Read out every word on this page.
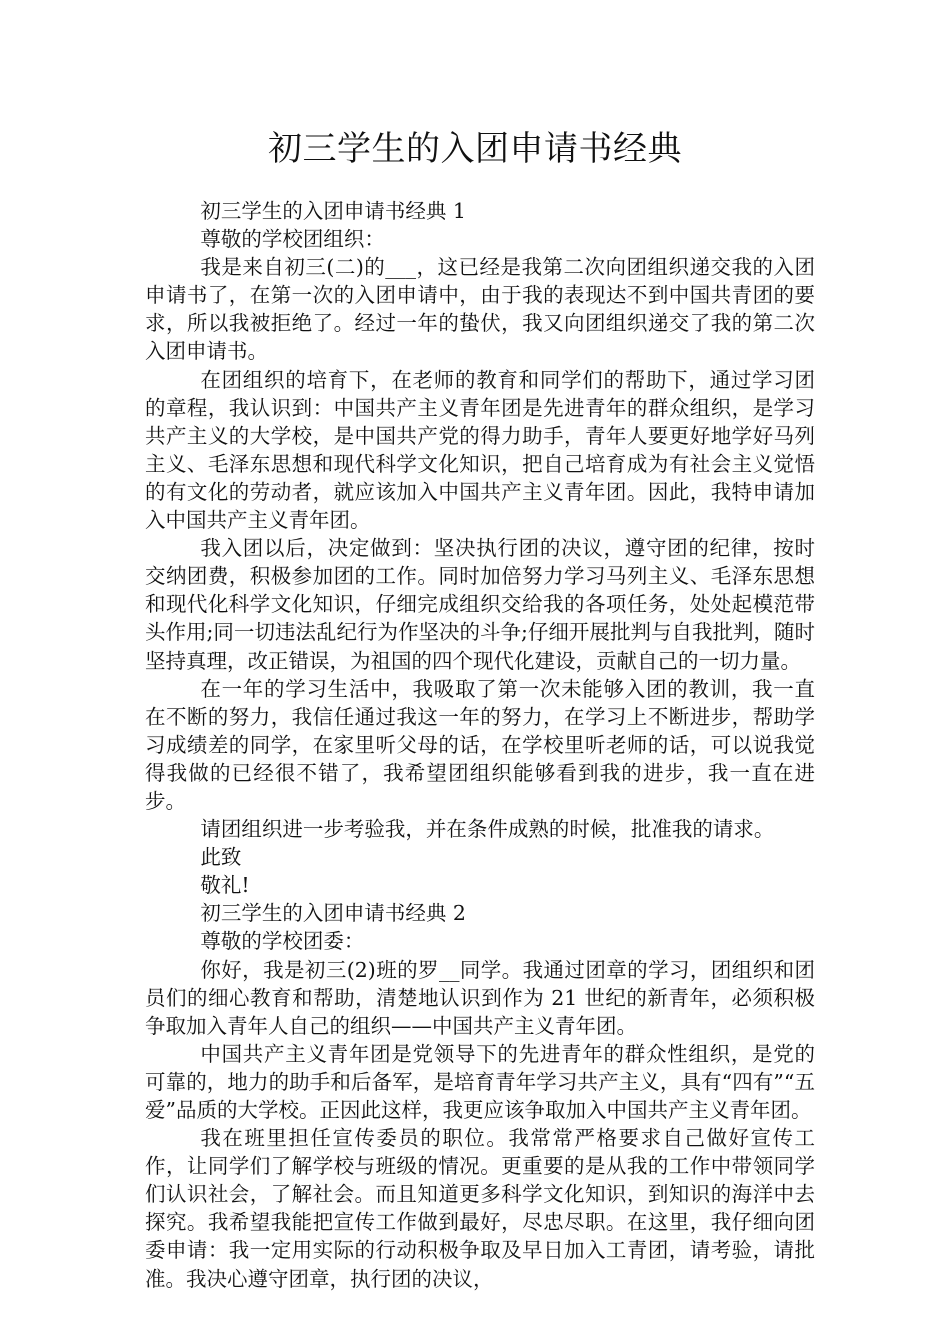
初三学生的入团申请书经典

初三学生的入团申请书经典 1

尊敬的学校团组织：

我是来自初三(二)的___，这已经是我第二次向团组织递交我的入团申请书了，在第一次的入团申请中，由于我的表现达不到中国共青团的要求，所以我被拒绝了。经过一年的蛰伏，我又向团组织递交了我的第二次入团申请书。

在团组织的培育下，在老师的教育和同学们的帮助下，通过学习团的章程，我认识到：中国共产主义青年团是先进青年的群众组织，是学习共产主义的大学校，是中国共产党的得力助手，青年人要更好地学好马列主义、毛泽东思想和现代科学文化知识，把自己培育成为有社会主义觉悟的有文化的劳动者，就应该加入中国共产主义青年团。因此，我特申请加入中国共产主义青年团。

我入团以后，决定做到：坚决执行团的决议，遵守团的纪律，按时交纳团费，积极参加团的工作。同时加倍努力学习马列主义、毛泽东思想和现代化科学文化知识，仔细完成组织交给我的各项任务，处处起模范带头作用;同一切违法乱纪行为作坚决的斗争;仔细开展批判与自我批判，随时坚持真理，改正错误，为祖国的四个现代化建设，贡献自己的一切力量。

在一年的学习生活中，我吸取了第一次未能够入团的教训，我一直在不断的努力，我信任通过我这一年的努力，在学习上不断进步，帮助学习成绩差的同学，在家里听父母的话，在学校里听老师的话，可以说我觉得我做的已经很不错了，我希望团组织能够看到我的进步，我一直在进步。

请团组织进一步考验我，并在条件成熟的时候，批准我的请求。

此致

敬礼!

初三学生的入团申请书经典 2

尊敬的学校团委：

你好，我是初三(2)班的罗__同学。我通过团章的学习，团组织和团员们的细心教育和帮助，清楚地认识到作为 21 世纪的新青年，必须积极争取加入青年人自己的组织——中国共产主义青年团。

中国共产主义青年团是党领导下的先进青年的群众性组织，是党的可靠的，地力的助手和后备军，是培育青年学习共产主义，具有“四有”“五爱”品质的大学校。正因此这样，我更应该争取加入中国共产主义青年团。

我在班里担任宣传委员的职位。我常常严格要求自己做好宣传工作，让同学们了解学校与班级的情况。更重要的是从我的工作中带领同学们认识社会，了解社会。而且知道更多科学文化知识，到知识的海洋中去探究。我希望我能把宣传工作做到最好，尽忠尽职。在这里，我仔细向团委申请：我一定用实际的行动积极争取及早日加入工青团，请考验，请批准。我决心遵守团章，执行团的决议，
